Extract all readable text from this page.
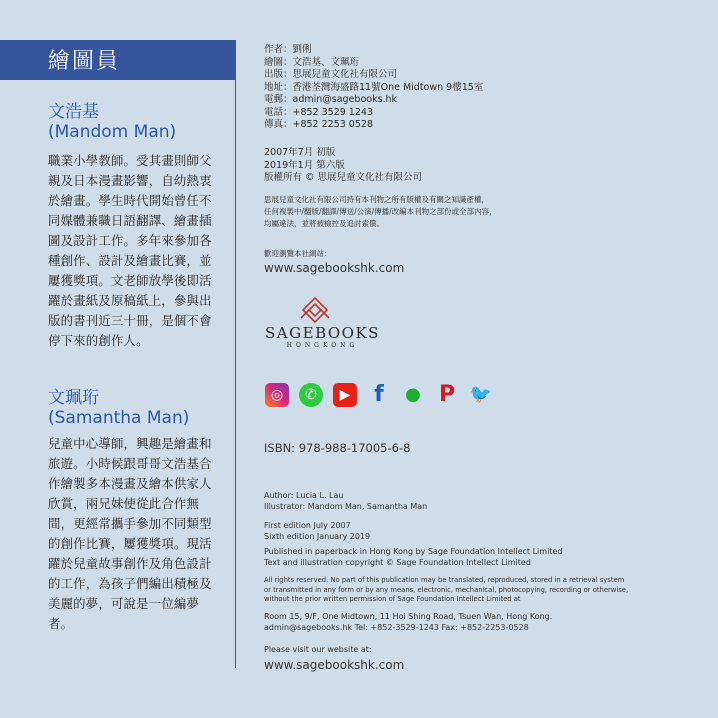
繪圖員
文浩基
(Mandom Man)
職業小學教師。受其畫則師父親及日本漫畫影響，自幼熱衷於繪畫。學生時代開始曾任不同媒體兼職日語翻譯、繪畫插圖及設計工作。多年來參加各種創作、設計及繪畫比賽，並屢獲獎項。文老師放學後即活躍於畫紙及原稿紙上，參與出版的書刊近三十冊，是個不會停下來的創作人。
文珮珩
(Samantha Man)
兒童中心導師，興趣是繪畫和旅遊。小時候跟哥哥文浩基合作繪製多本漫畫及繪本供家人欣賞，兩兄妹使從此合作無間，更經常攜手參加不同類型的創作比賽，屢獲獎項。現活躍於兒童故事創作及角色設計的工作，為孩子們編出積極及美麗的夢，可說是一位編夢者。
作者：劉俐
繪圖：文浩基、文珮珩
出版：思展兒童文化社有限公司
地址：香港荃灣海盛路11號One Midtown 9樓15室
電郵：admin@sagebooks.hk
電話：+852 3529 1243
傳真：+852 2253 0528
2007年7月 初版
2019年1月 第六版
版權所有 © 思展兒童文化社有限公司
思展兒童文化社有限公司持有本刊物之所有版權及有關之知識產權，
任何複製中/翻版/翻譯/傳送/公演/傳播/改編本刊物之部份或全部內容，
均屬違法，並將被檢控及追討索償。
歡迎瀏覽本社網站：
www.sagebookshk.com
SAGEBOOKS
HONGKONG
◎ ✆ ▶ f ● P 🐦
ISBN: 978-988-17005-6-8
Author: Lucia L. Lau
Illustrator: Mandom Man, Samantha Man
First edition July 2007
Sixth edition January 2019
Published in paperback in Hong Kong by Sage Foundation Intellect Limited
Text and illustration copyright © Sage Foundation Intellect Limited
All rights reserved. No part of this publication may be translated, reproduced, stored in a retrieval system
or transmitted in any form or by any means, electronic, mechanical, photocopying, recording or otherwise,
without the prior written permission of Sage Foundation Intellect Limited at
Room 15, 9/F, One Midtown, 11 Hoi Shing Road, Tsuen Wan, Hong Kong.
admin@sagebooks.hk Tel: +852-3529-1243 Fax: +852-2253-0528
Please visit our website at:
www.sagebookshk.com
